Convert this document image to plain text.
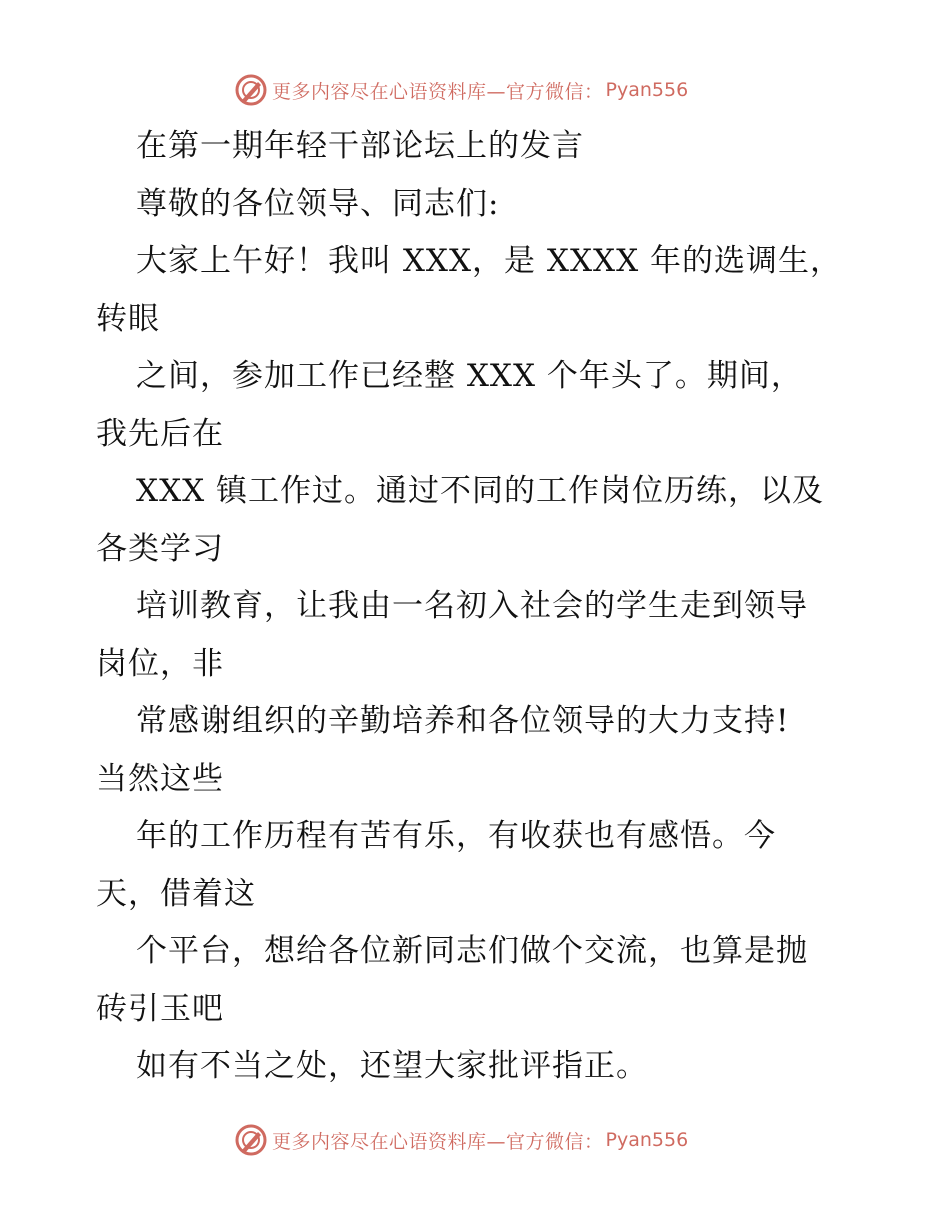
更多内容尽在心语资料库—官方微信： Pyan556
在第一期年轻干部论坛上的发言
尊敬的各位领导、同志们:
大家上午好！我叫 XXX，是 XXXX 年的选调生，
转眼
之间，参加工作已经整 XXX 个年头了。期间，
我先后在
XXX 镇工作过。通过不同的工作岗位历练，以及
各类学习
培训教育，让我由一名初入社会的学生走到领导
岗位，非
常感谢组织的辛勤培养和各位领导的大力支持!
当然这些
年的工作历程有苦有乐，有收获也有感悟。今
天，借着这
个平台，想给各位新同志们做个交流，也算是抛
砖引玉吧
如有不当之处，还望大家批评指正。
更多内容尽在心语资料库—官方微信： Pyan556
